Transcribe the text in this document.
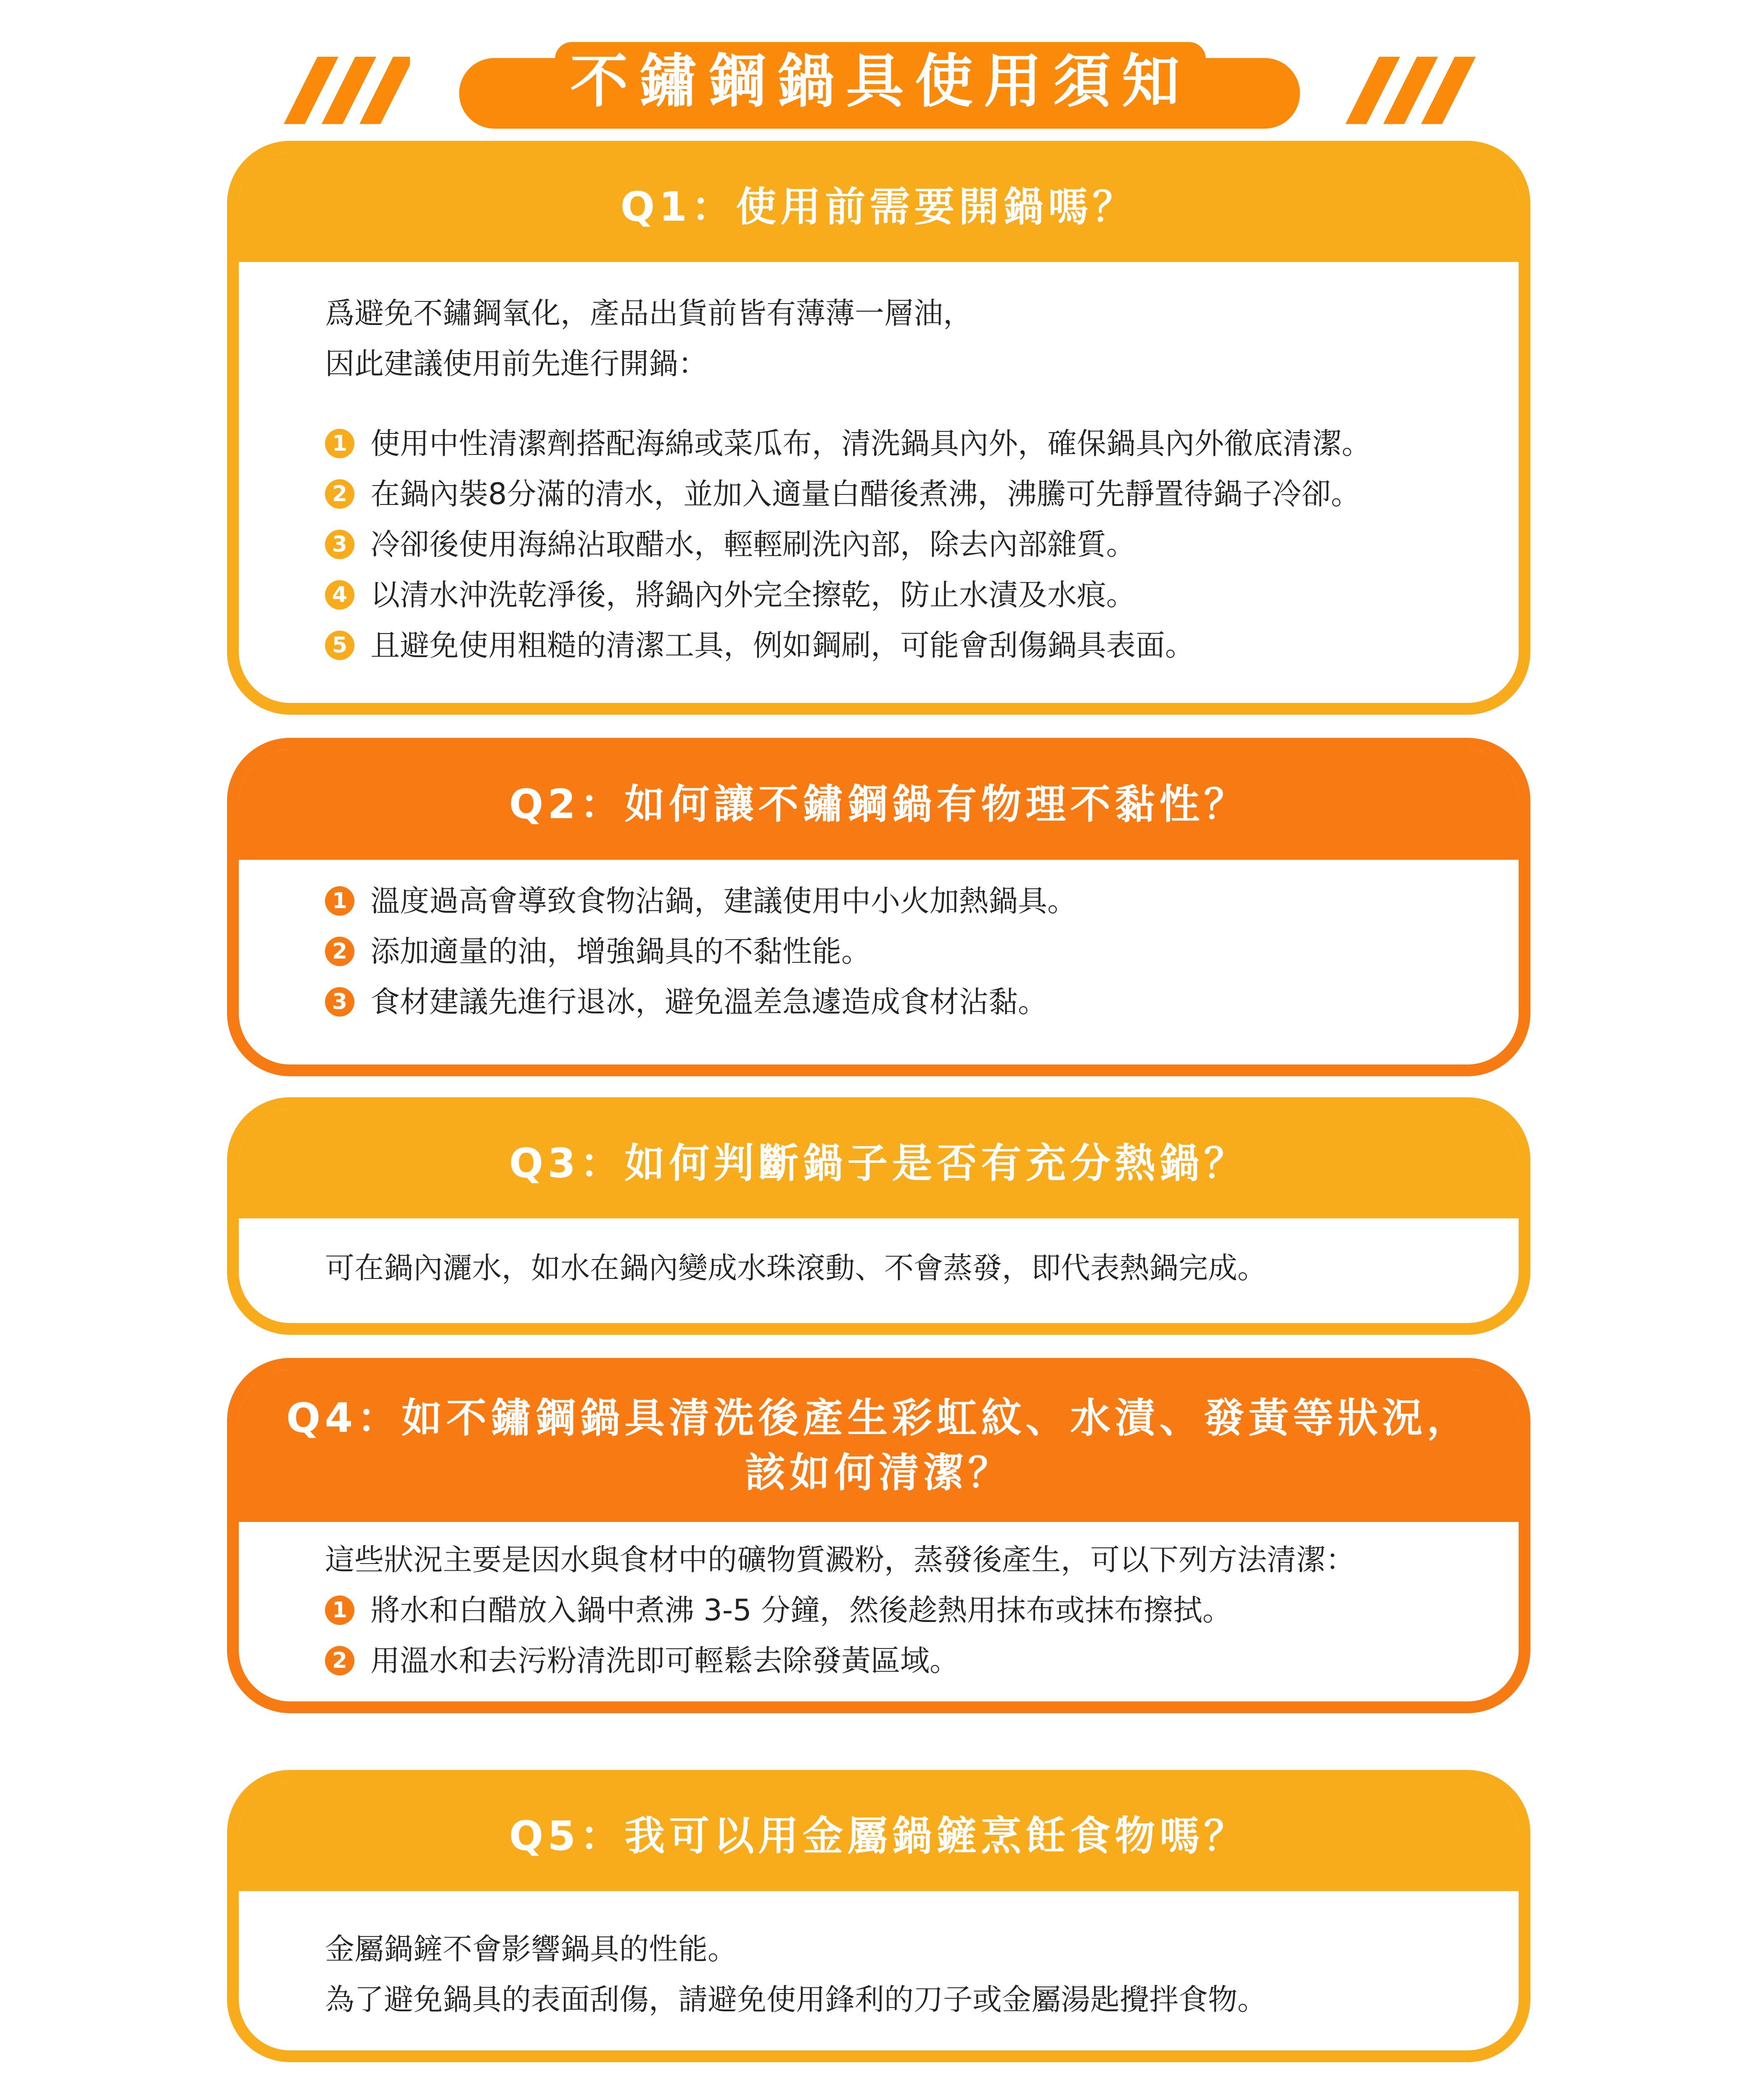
不鏽鋼鍋具使用須知
Q1：使用前需要開鍋嗎？
爲避免不鏽鋼氧化，產品出貨前皆有薄薄一層油，
因此建議使用前先進行開鍋：
1 使用中性清潔劑搭配海綿或菜瓜布，清洗鍋具內外，確保鍋具內外徹底清潔。
2 在鍋內裝8分滿的清水，並加入適量白醋後煮沸，沸騰可先靜置待鍋子冷卻。
3 冷卻後使用海綿沾取醋水，輕輕刷洗內部，除去內部雜質。
4 以清水沖洗乾淨後，將鍋內外完全擦乾，防止水漬及水痕。
5 且避免使用粗糙的清潔工具，例如鋼刷，可能會刮傷鍋具表面。
Q2：如何讓不鏽鋼鍋有物理不黏性？
1 溫度過高會導致食物沾鍋，建議使用中小火加熱鍋具。
2 添加適量的油，增強鍋具的不黏性能。
3 食材建議先進行退冰，避免溫差急遽造成食材沾黏。
Q3：如何判斷鍋子是否有充分熱鍋？
可在鍋內灑水，如水在鍋內變成水珠滾動、不會蒸發，即代表熱鍋完成。
Q4：如不鏽鋼鍋具清洗後產生彩虹紋、水漬、發黃等狀況，
該如何清潔？
這些狀況主要是因水與食材中的礦物質澱粉，蒸發後產生，可以下列方法清潔：
1 將水和白醋放入鍋中煮沸 3-5 分鐘，然後趁熱用抹布或抹布擦拭。
2 用溫水和去污粉清洗即可輕鬆去除發黃區域。
Q5：我可以用金屬鍋鏟烹飪食物嗎？
金屬鍋鏟不會影響鍋具的性能。
為了避免鍋具的表面刮傷，請避免使用鋒利的刀子或金屬湯匙攪拌食物。
